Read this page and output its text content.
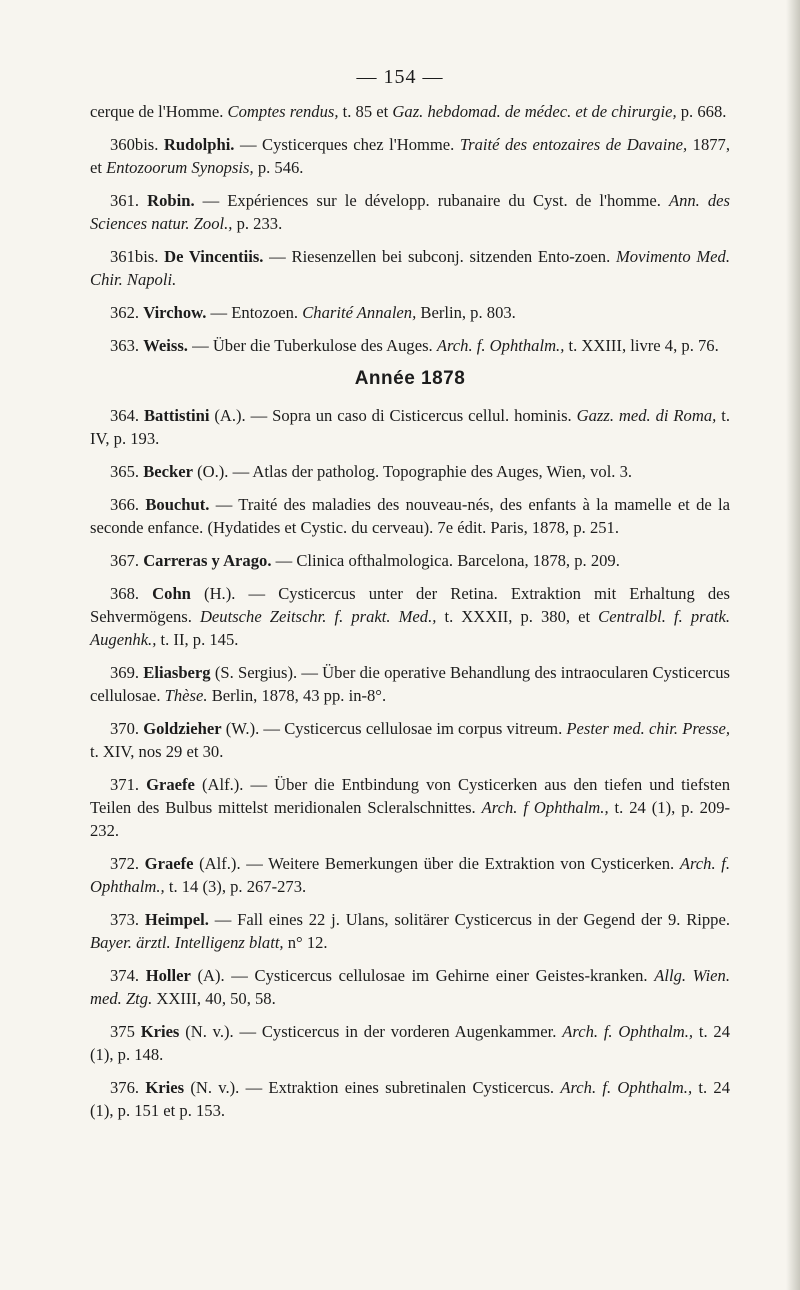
— 154 —

cerque de l'Homme. Comptes rendus, t. 85 et Gaz. hebdomad. de médec. et de chirurgie, p. 668.

360bis. Rudolphi. — Cysticerques chez l'Homme. Traité des entozaires de Davaine, 1877, et Entozoorum Synopsis, p. 546.

361. Robin. — Expériences sur le développ. rubanaire du Cyst. de l'homme. Ann. des Sciences natur. Zool., p. 233.

361bis. De Vincentiis. — Riesenzellen bei subconj. sitzenden Ento-zoen. Movimento Med. Chir. Napoli.

362. Virchow. — Entozoen. Charité Annalen, Berlin, p. 803.

363. Weiss. — Über die Tuberkulose des Auges. Arch. f. Ophthalm., t. XXIII, livre 4, p. 76.

Année 1878

364. Battistini (A.). — Sopra un caso di Cisticercus cellul. hominis. Gazz. med. di Roma, t. IV, p. 193.

365. Becker (O.). — Atlas der patholog. Topographie des Auges, Wien, vol. 3.

366. Bouchut. — Traité des maladies des nouveau-nés, des enfants à la mamelle et de la seconde enfance. (Hydatides et Cystic. du cerveau). 7e édit. Paris, 1878, p. 251.

367. Carreras y Arago. — Clinica ofthalmologica. Barcelona, 1878, p. 209.

368. Cohn (H.). — Cysticercus unter der Retina. Extraktion mit Erhaltung des Sehvermögens. Deutsche Zeitschr. f. prakt. Med., t. XXXII, p. 380, et Centralbl. f. pratk. Augenhk., t. II, p. 145.

369. Eliasberg (S. Sergius). — Über die operative Behandlung des intraocularen Cysticercus cellulosae. Thèse. Berlin, 1878, 43 pp. in-8°.

370. Goldzieher (W.). — Cysticercus cellulosae im corpus vitreum. Pester med. chir. Presse, t. XIV, nos 29 et 30.

371. Graefe (Alf.). — Über die Entbindung von Cysticerken aus den tiefen und tiefsten Teilen des Bulbus mittelst meridionalen Scleralschnittes. Arch. f Ophthalm., t. 24 (1), p. 209-232.

372. Graefe (Alf.). — Weitere Bemerkungen über die Extraktion von Cysticerken. Arch. f. Ophthalm., t. 14 (3), p. 267-273.

373. Heimpel. — Fall eines 22 j. Ulans, solitärer Cysticercus in der Gegend der 9. Rippe. Bayer. ärztl. Intelligenz blatt, n° 12.

374. Holler (A). — Cysticercus cellulosae im Gehirne einer Geistes-kranken. Allg. Wien. med. Ztg. XXIII, 40, 50, 58.

375 Kries (N. v.). — Cysticercus in der vorderen Augenkammer. Arch. f. Ophthalm., t. 24 (1), p. 148.

376. Kries (N. v.). — Extraktion eines subretinalen Cysticercus. Arch. f. Ophthalm., t. 24 (1), p. 151 et p. 153.
